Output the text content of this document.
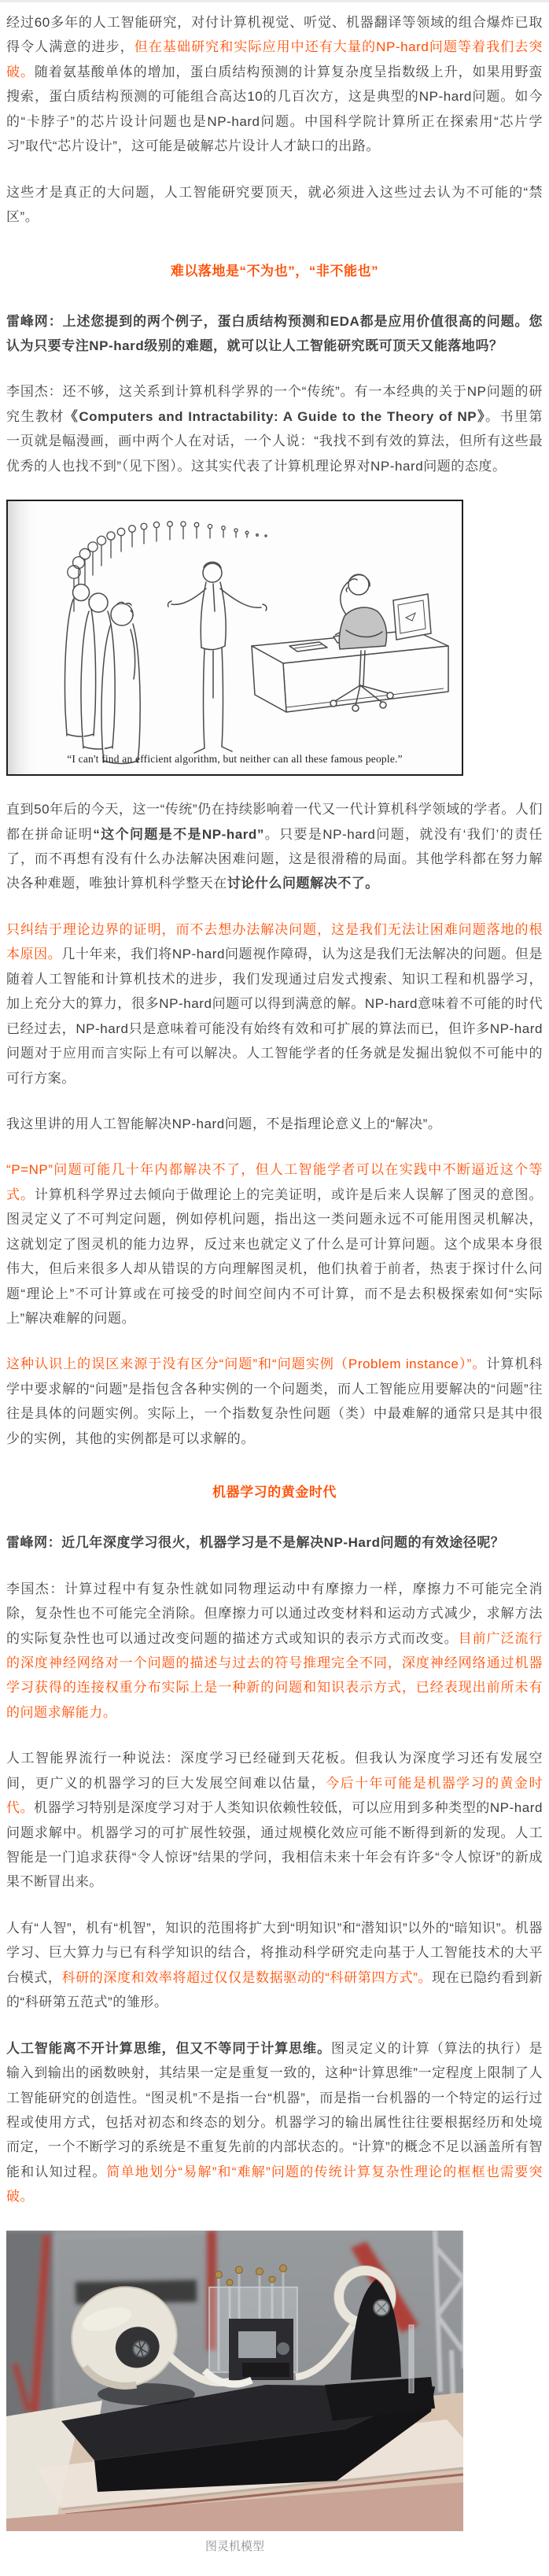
经过60多年的人工智能研究，对付计算机视觉、听觉、机器翻译等领域的组合爆炸已取得令人满意的进步，但在基础研究和实际应用中还有大量的NP-hard问题等着我们去突破。随着氨基酸单体的增加，蛋白质结构预测的计算复杂度呈指数级上升，如果用野蛮搜索，蛋白质结构预测的可能组合高达10的几百次方，这是典型的NP-hard问题。如今的“卡脖子”的芯片设计问题也是NP-hard问题。中国科学院计算所正在探索用“芯片学习”取代“芯片设计”，这可能是破解芯片设计人才缺口的出路。

这些才是真正的大问题，人工智能研究要顶天，就必须进入这些过去认为不可能的“禁区”。

难以落地是“不为也”，“非不能也”

雷峰网：上述您提到的两个例子，蛋白质结构预测和EDA都是应用价值很高的问题。您认为只要专注NP-hard级别的难题，就可以让人工智能研究既可顶天又能落地吗？

李国杰：还不够，这关系到计算机科学界的一个“传统”。有一本经典的关于NP问题的研究生教材《Computers and Intractability: A Guide to the Theory of NP》。书里第一页就是幅漫画，画中两个人在对话，一个人说：“我找不到有效的算法，但所有这些最优秀的人也找不到”（见下图）。这其实代表了计算机理论界对NP-hard问题的态度。

“I can't find an efficient algorithm, but neither can all these famous people.”

直到50年后的今天，这一“传统”仍在持续影响着一代又一代计算机科学领域的学者。人们都在拼命证明“这个问题是不是NP-hard”。只要是NP-hard问题，就没有‘我们’的责任了，而不再想有没有什么办法解决困难问题，这是很滑稽的局面。其他学科都在努力解决各种难题，唯独计算机科学整天在讨论什么问题解决不了。

只纠结于理论边界的证明，而不去想办法解决问题，这是我们无法让困难问题落地的根本原因。几十年来，我们将NP-hard问题视作障碍，认为这是我们无法解决的问题。但是随着人工智能和计算机技术的进步，我们发现通过启发式搜索、知识工程和机器学习，加上充分大的算力，很多NP-hard问题可以得到满意的解。NP-hard意味着不可能的时代已经过去，NP-hard只是意味着可能没有始终有效和可扩展的算法而已，但许多NP-hard问题对于应用而言实际上有可以解决。人工智能学者的任务就是发掘出貌似不可能中的可行方案。

我这里讲的用人工智能解决NP-hard问题，不是指理论意义上的“解决”。

“P=NP”问题可能几十年内都解决不了，但人工智能学者可以在实践中不断逼近这个等式。计算机科学界过去倾向于做理论上的完美证明，或许是后来人误解了图灵的意图。图灵定义了不可判定问题，例如停机问题，指出这一类问题永远不可能用图灵机解决，这就划定了图灵机的能力边界，反过来也就定义了什么是可计算问题。这个成果本身很伟大，但后来很多人却从错误的方向理解图灵机，他们执着于前者，热衷于探讨什么问题“理论上”不可计算或在可接受的时间空间内不可计算，而不是去积极探索如何“实际上”解决难解的问题。

这种认识上的误区来源于没有区分“问题”和“问题实例（Problem instance）”。计算机科学中要求解的“问题”是指包含各种实例的一个问题类，而人工智能应用要解决的“问题”往往是具体的问题实例。实际上，一个指数复杂性问题（类）中最难解的通常只是其中很少的实例，其他的实例都是可以求解的。

机器学习的黄金时代

雷峰网：近几年深度学习很火，机器学习是不是解决NP-Hard问题的有效途径呢？

李国杰：计算过程中有复杂性就如同物理运动中有摩擦力一样，摩擦力不可能完全消除，复杂性也不可能完全消除。但摩擦力可以通过改变材料和运动方式减少，求解方法的实际复杂性也可以通过改变问题的描述方式或知识的表示方式而改变。目前广泛流行的深度神经网络对一个问题的描述与过去的符号推理完全不同，深度神经网络通过机器学习获得的连接权重分布实际上是一种新的问题和知识表示方式，已经表现出前所未有的问题求解能力。

人工智能界流行一种说法：深度学习已经碰到天花板。但我认为深度学习还有发展空间，更广义的机器学习的巨大发展空间难以估量，今后十年可能是机器学习的黄金时代。机器学习特别是深度学习对于人类知识依赖性较低，可以应用到多种类型的NP-hard问题求解中。机器学习的可扩展性较强，通过规模化效应可能不断得到新的发现。人工智能是一门追求获得“令人惊讶”结果的学问，我相信未来十年会有许多“令人惊讶”的新成果不断冒出来。

人有“人智”，机有“机智”，知识的范围将扩大到“明知识”和“潜知识”以外的“暗知识”。机器学习、巨大算力与已有科学知识的结合，将推动科学研究走向基于人工智能技术的大平台模式，科研的深度和效率将超过仅仅是数据驱动的“科研第四方式”。现在已隐约看到新的“科研第五范式”的雏形。

人工智能离不开计算思维，但又不等同于计算思维。图灵定义的计算（算法的执行）是输入到输出的函数映射，其结果一定是重复一致的，这种“计算思维”一定程度上限制了人工智能研究的创造性。“图灵机”不是指一台“机器”，而是指一台机器的一个特定的运行过程或使用方式，包括对初态和终态的划分。机器学习的输出属性往往要根据经历和处境而定，一个不断学习的系统是不重复先前的内部状态的。“计算”的概念不足以涵盖所有智能和认知过程。简单地划分“易解”和“难解”问题的传统计算复杂性理论的框框也需要突破。

图灵机模型
